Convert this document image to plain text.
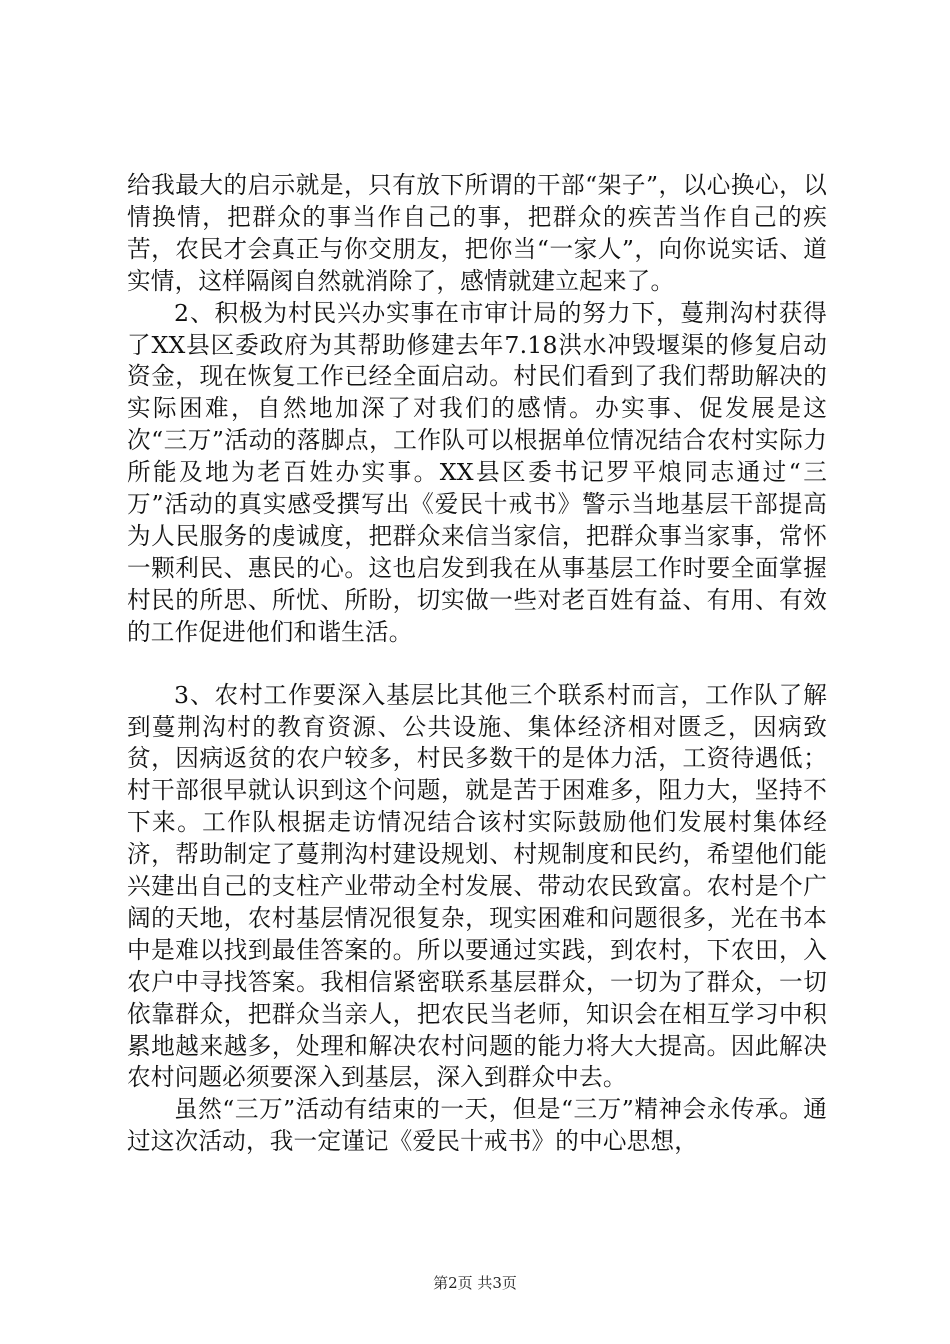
给我最大的启示就是，只有放下所谓的干部“架子”，以心换心，以情换情，把群众的事当作自己的事，把群众的疾苦当作自己的疾苦，农民才会真正与你交朋友，把你当“一家人”，向你说实话、道实情，这样隔阂自然就消除了，感情就建立起来了。

2、积极为村民兴办实事在市审计局的努力下，蔓荆沟村获得了XX县区委政府为其帮助修建去年7.18洪水冲毁堰渠的修复启动资金，现在恢复工作已经全面启动。村民们看到了我们帮助解决的实际困难，自然地加深了对我们的感情。办实事、促发展是这次“三万”活动的落脚点，工作队可以根据单位情况结合农村实际力所能及地为老百姓办实事。XX县区委书记罗平烺同志通过“三万”活动的真实感受撰写出《爱民十戒书》警示当地基层干部提高为人民服务的虔诚度，把群众来信当家信，把群众事当家事，常怀一颗利民、惠民的心。这也启发到我在从事基层工作时要全面掌握村民的所思、所忧、所盼，切实做一些对老百姓有益、有用、有效的工作促进他们和谐生活。

3、农村工作要深入基层比其他三个联系村而言，工作队了解到蔓荆沟村的教育资源、公共设施、集体经济相对匮乏，因病致贫，因病返贫的农户较多，村民多数干的是体力活，工资待遇低；村干部很早就认识到这个问题，就是苦于困难多，阻力大，坚持不下来。工作队根据走访情况结合该村实际鼓励他们发展村集体经济，帮助制定了蔓荆沟村建设规划、村规制度和民约，希望他们能兴建出自己的支柱产业带动全村发展、带动农民致富。农村是个广阔的天地，农村基层情况很复杂，现实困难和问题很多，光在书本中是难以找到最佳答案的。所以要通过实践，到农村，下农田，入农户中寻找答案。我相信紧密联系基层群众，一切为了群众，一切依靠群众，把群众当亲人，把农民当老师，知识会在相互学习中积累地越来越多，处理和解决农村问题的能力将大大提高。因此解决农村问题必须要深入到基层，深入到群众中去。

虽然“三万”活动有结束的一天，但是“三万”精神会永传承。通过这次活动，我一定谨记《爱民十戒书》的中心思想，

第2页 共3页
